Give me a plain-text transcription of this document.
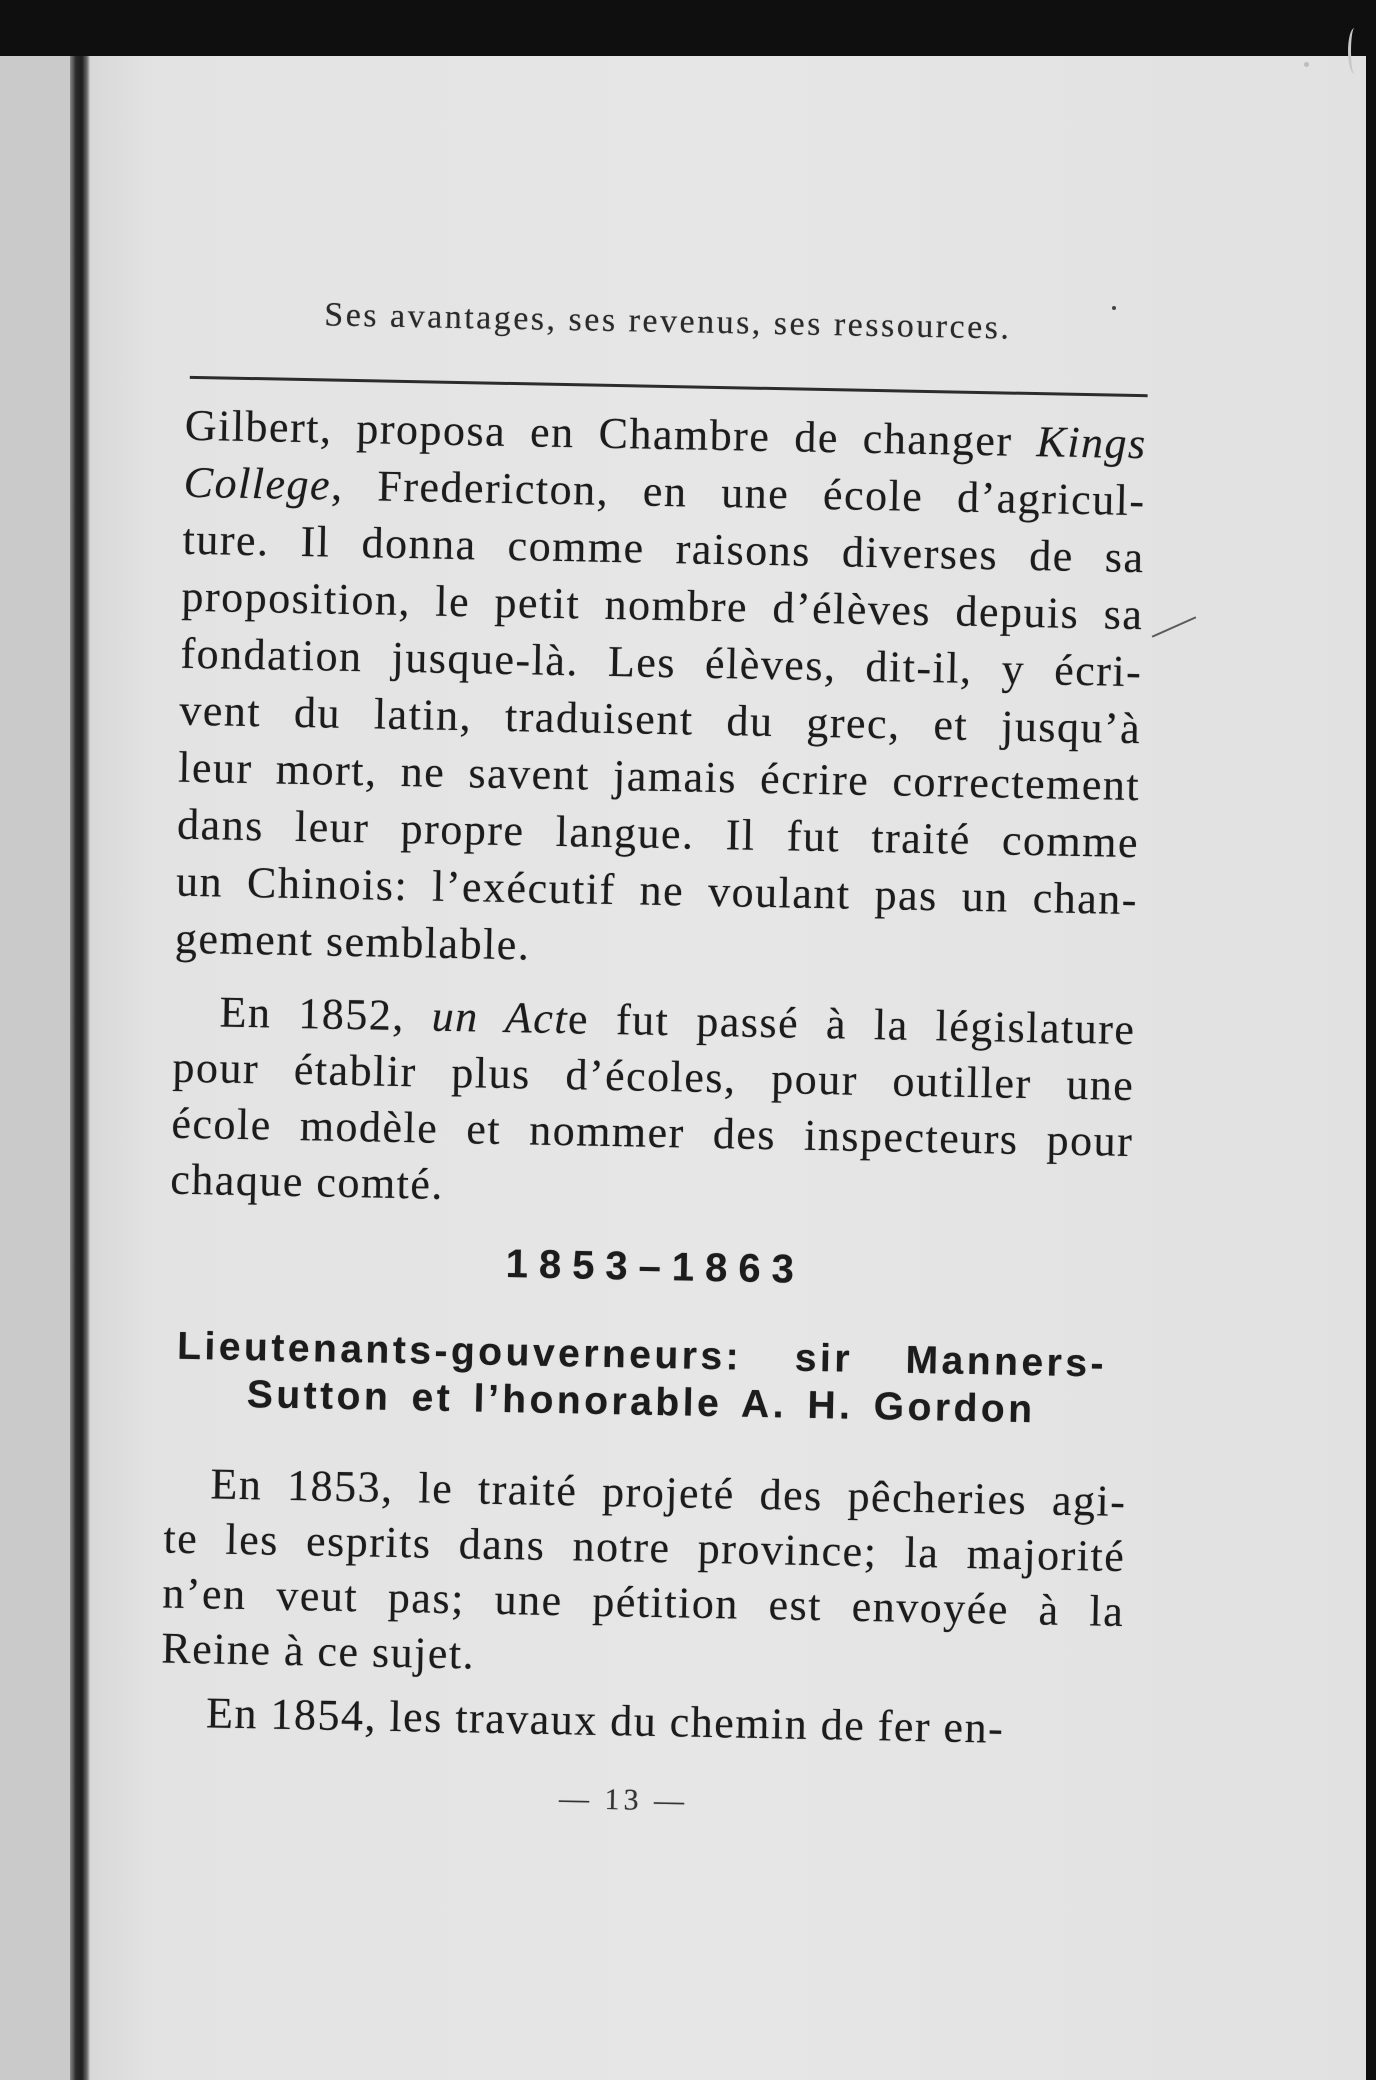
Ses avantages, ses revenus, ses ressources.
Gilbert, proposa en Chambre de changer Kings
College, Fredericton, en une école d’agricul-
ture. Il donna comme raisons diverses de sa
proposition, le petit nombre d’élèves depuis sa
fondation jusque-là. Les élèves, dit-il, y écri-
vent du latin, traduisent du grec, et jusqu’à
leur mort, ne savent jamais écrire correctement
dans leur propre langue. Il fut traité comme
un Chinois: l’exécutif ne voulant pas un chan-
gement semblable.
En 1852, un Acte fut passé à la législature
pour établir plus d’écoles, pour outiller une
école modèle et nommer des inspecteurs pour
chaque comté.
1853–1863
Lieutenants-gouverneurs: sir Manners-
Sutton et l’honorable A. H. Gordon
En 1853, le traité projeté des pêcheries agi-
te les esprits dans notre province; la majorité
n’en veut pas; une pétition est envoyée à la
Reine à ce sujet.
En 1854, les travaux du chemin de fer en-
— 13 —
